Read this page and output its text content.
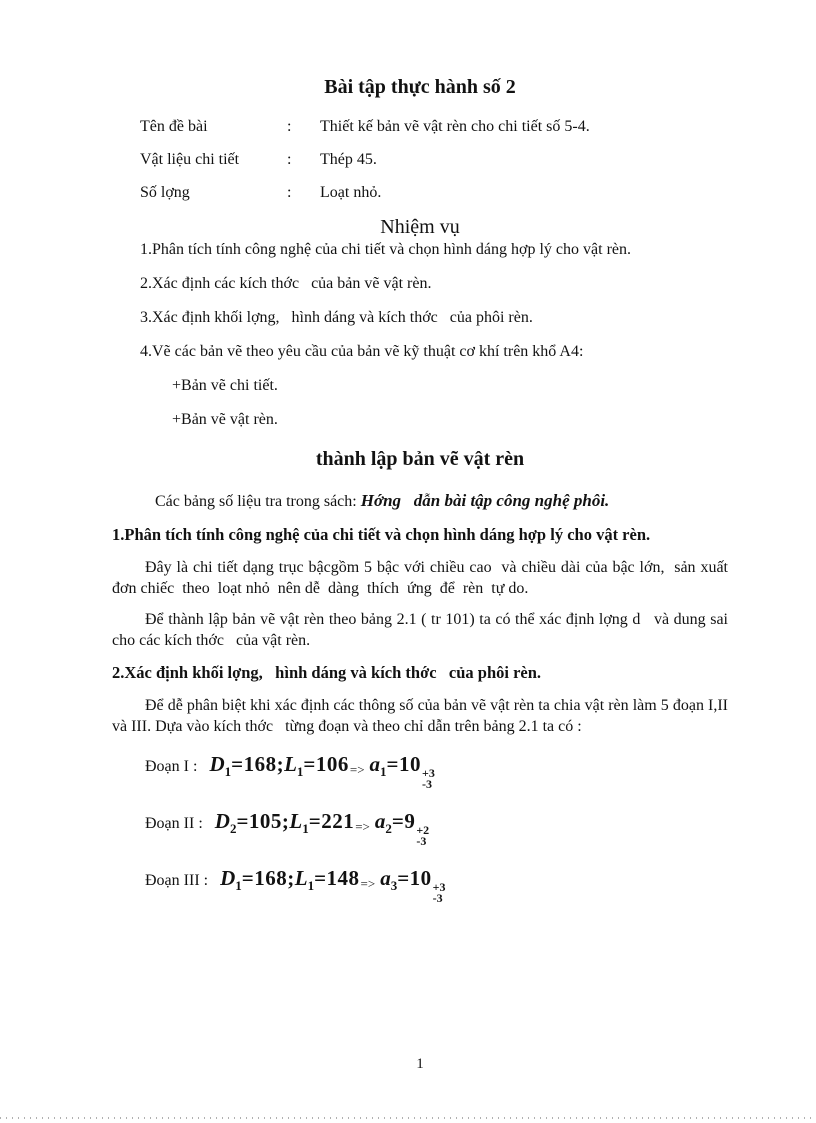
Bài tập thực hành số 2
Tên đề bài	:	Thiết kế bản vẽ vật rèn cho chi tiết số 5-4.
Vật liệu chi tiết	:	Thép 45.
Số lợng	:	Loạt nhỏ.
Nhiệm vụ
1.Phân tích tính công nghệ của chi tiết và chọn hình dáng hợp lý cho vật rèn.
2.Xác định các kích thớc   của bản vẽ vật rèn.
3.Xác định khối lợng,   hình dáng và kích thớc   của phôi rèn.
4.Vẽ các bản vẽ theo yêu cầu của bản vẽ kỹ thuật cơ khí trên khổ A4:
+Bản vẽ chi tiết.
+Bản vẽ vật rèn.
thành lập bản vẽ vật rèn
Các bảng số liệu tra trong sách: Hớng   dẫn bài tập công nghệ phôi.
1.Phân tích tính công nghệ của chi tiết và chọn hình dáng hợp lý cho vật rèn.
Đây là chi tiết dạng trục bậcgồm 5 bậc với chiều cao  và chiều dài của bậc lớn,  sản xuất đơn chiếc  theo  loạt nhỏ  nên dễ  dàng  thích  ứng  để  rèn  tự do.
Để thành lập bản vẽ vật rèn theo bảng 2.1 ( tr 101) ta có thể xác định lợng d   và dung sai cho các kích thớc   của vật rèn.
2.Xác định khối lợng,   hình dáng và kích thớc   của phôi rèn.
Để dễ phân biệt khi xác định các thông số của bản vẽ vật rèn ta chia vật rèn làm 5 đoạn I,II và III. Dựa vào kích thớc   từng đoạn và theo chỉ dẫn trên bảng 2.1 ta có :
Đoạn I : $D_1=168;L_1=106=> a_1=10 +3$
-3
Đoạn II : $D_2=105;L_1=221=> a_2=9 +2$
-3
Đoạn III : $D_1=168;L_1=148=> a_3=10 +3$
-3
1
